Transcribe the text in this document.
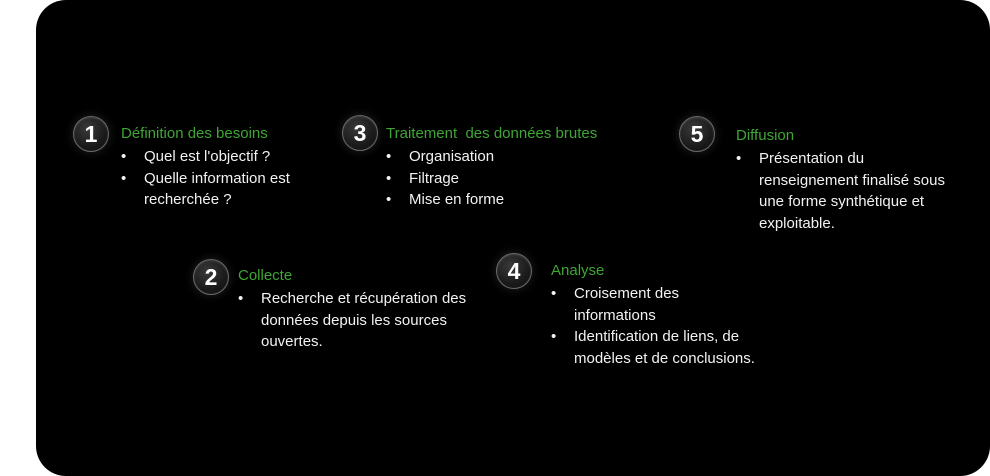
1	Définition des besoins
• Quel est l'objectif ?
• Quelle information est recherchée ?
2	Collecte
• Recherche et récupération des données depuis les sources ouvertes.
3	Traitement  des données brutes
• Organisation
• Filtrage
• Mise en forme
4	Analyse
• Croisement des informations
• Identification de liens, de modèles et de conclusions.
5	Diffusion
• Présentation du renseignement finalisé sous une forme synthétique et exploitable.
